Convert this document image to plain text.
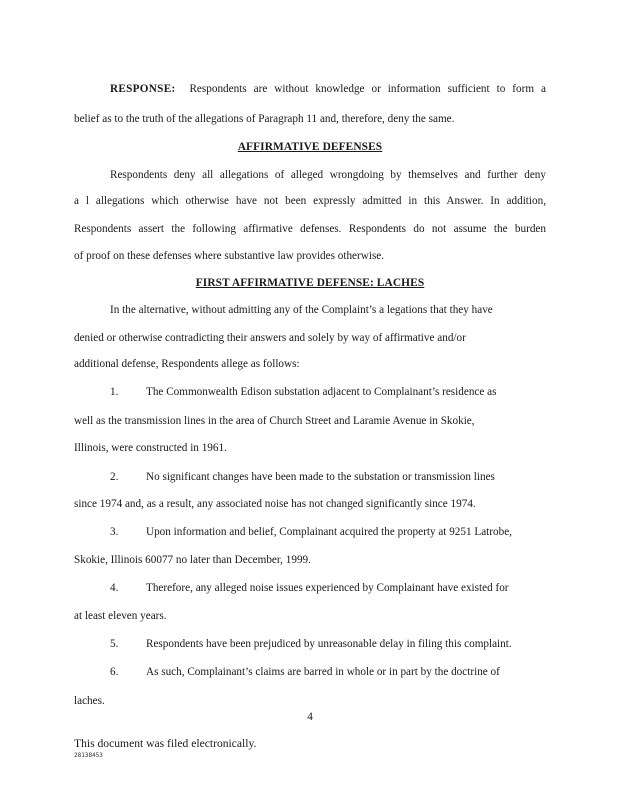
RESPONSE: Respondents are without knowledge or information sufficient to form a
belief as to the truth of the allegations of Paragraph 11 and, therefore, deny the same.
AFFIRMATIVE DEFENSES
Respondents deny all allegations of alleged wrongdoing by themselves and further deny
a l allegations which otherwise have not been expressly admitted in this Answer. In addition,
Respondents assert the following affirmative defenses. Respondents do not assume the burden
of proof on these defenses where substantive law provides otherwise.
FIRST AFFIRMATIVE DEFENSE: LACHES
In the alternative, without admitting any of the Complaint’s a legations that they have
denied or otherwise contradicting their answers and solely by way of affirmative and/or
additional defense, Respondents allege as follows:
1. The Commonwealth Edison substation adjacent to Complainant’s residence as
well as the transmission lines in the area of Church Street and Laramie Avenue in Skokie,
Illinois, were constructed in 1961.
2. No significant changes have been made to the substation or transmission lines
since 1974 and, as a result, any associated noise has not changed significantly since 1974.
3. Upon information and belief, Complainant acquired the property at 9251 Latrobe,
Skokie, Illinois 60077 no later than December, 1999.
4. Therefore, any alleged noise issues experienced by Complainant have existed for
at least eleven years.
5. Respondents have been prejudiced by unreasonable delay in filing this complaint.
6. As such, Complainant’s claims are barred in whole or in part by the doctrine of
laches.
4
This document was filed electronically.
28138453
